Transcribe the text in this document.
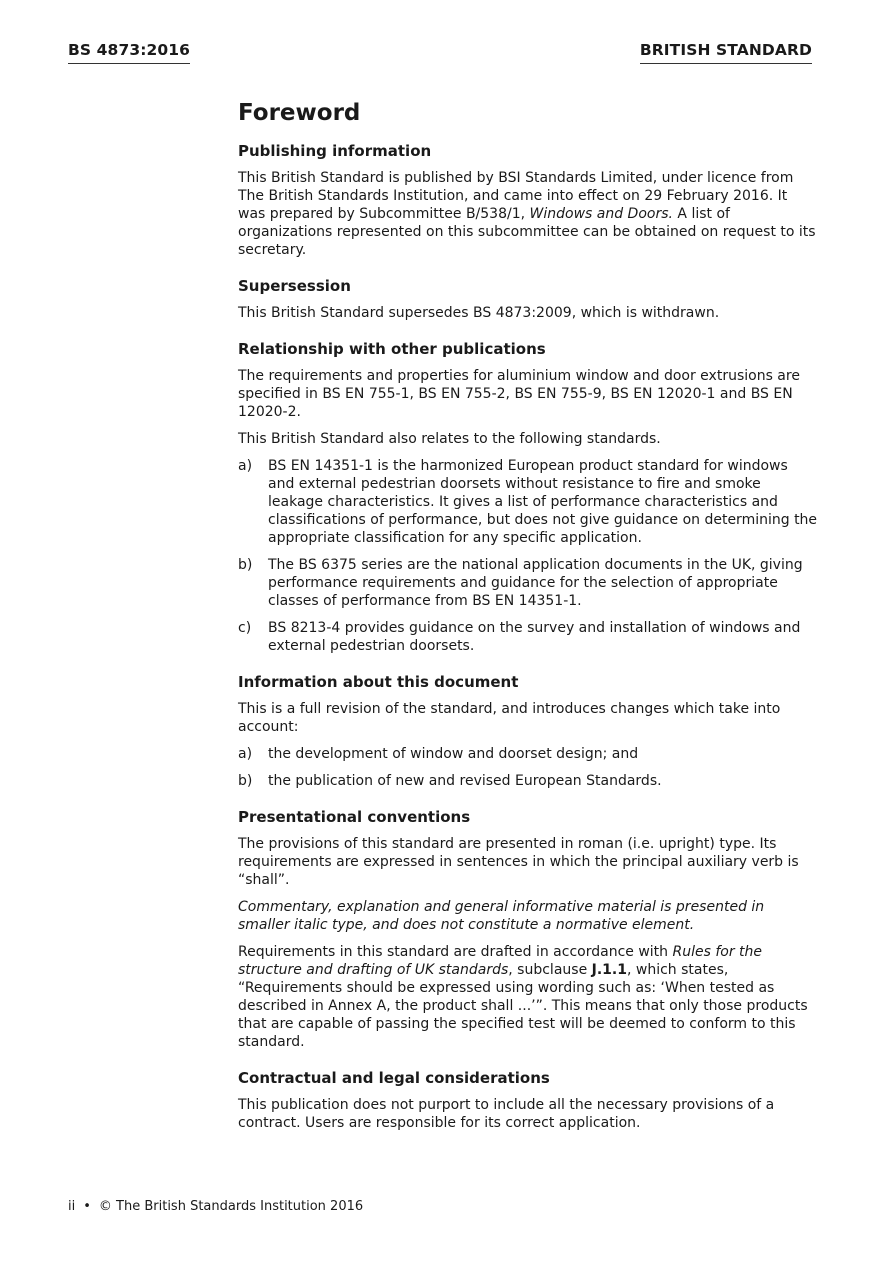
BS 4873:2016	BRITISH STANDARD
Foreword
Publishing information

This British Standard is published by BSI Standards Limited, under licence from The British Standards Institution, and came into effect on 29 February 2016. It was prepared by Subcommittee B/538/1, Windows and Doors. A list of organizations represented on this subcommittee can be obtained on request to its secretary.

Supersession

This British Standard supersedes BS 4873:2009, which is withdrawn.

Relationship with other publications

The requirements and properties for aluminium window and door extrusions are specified in BS EN 755-1, BS EN 755-2, BS EN 755-9, BS EN 12020-1 and BS EN 12020-2.

This British Standard also relates to the following standards.

a)	BS EN 14351-1 is the harmonized European product standard for windows and external pedestrian doorsets without resistance to fire and smoke leakage characteristics. It gives a list of performance characteristics and classifications of performance, but does not give guidance on determining the appropriate classification for any specific application.
b)	The BS 6375 series are the national application documents in the UK, giving performance requirements and guidance for the selection of appropriate classes of performance from BS EN 14351-1.
c)	BS 8213-4 provides guidance on the survey and installation of windows and external pedestrian doorsets.
Information about this document

This is a full revision of the standard, and introduces changes which take into account:

a)	the development of window and doorset design; and
b)	the publication of new and revised European Standards.
Presentational conventions

The provisions of this standard are presented in roman (i.e. upright) type. Its requirements are expressed in sentences in which the principal auxiliary verb is “shall”.

Commentary, explanation and general informative material is presented in smaller italic type, and does not constitute a normative element.

Requirements in this standard are drafted in accordance with Rules for the structure and drafting of UK standards, subclause J.1.1, which states, “Requirements should be expressed using wording such as: ‘When tested as described in Annex A, the product shall ...’”. This means that only those products that are capable of passing the specified test will be deemed to conform to this standard.

Contractual and legal considerations

This publication does not purport to include all the necessary provisions of a contract. Users are responsible for its correct application.

ii • © The British Standards Institution 2016
